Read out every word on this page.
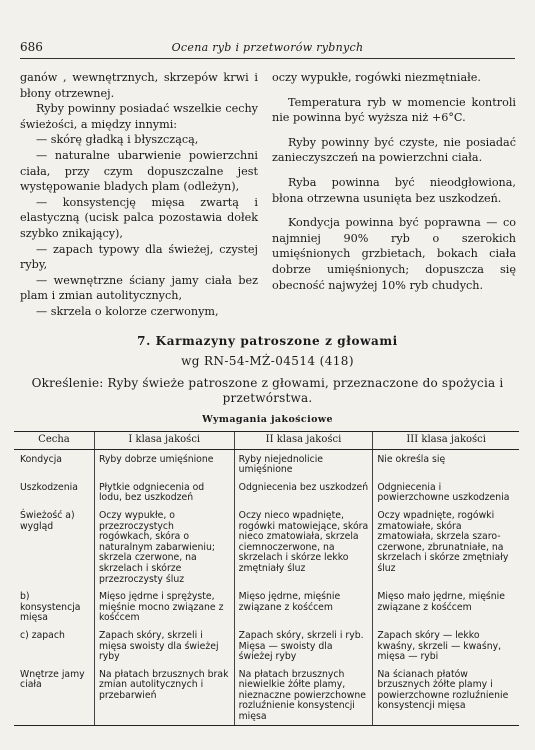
686	Ocena ryb i przetworów rybnych

ganów , wewnętrznych, skrzepów krwi i błony otrzewnej.

Ryby powinny posiadać wszelkie cechy świeżości, a między innymi:

— skórę gładką i błyszczącą,

— naturalne ubarwienie powierzchni ciała, przy czym dopuszczalne jest występowanie bladych plam (odleżyn),

— konsystencję mięsa zwartą i elastyczną (ucisk palca pozostawia dołek szybko znikający),

— zapach typowy dla świeżej, czystej ryby,

— wewnętrzne ściany jamy ciała bez plam i zmian autolitycznych,

— skrzela o kolorze czerwonym,

oczy wypukłe, rogówki niezmętniałe.

Temperatura ryb w momencie kontroli nie powinna być wyższa niż +6°C.

Ryby powinny być czyste, nie posiadać zanieczyszczeń na powierzchni ciała.

Ryba powinna być nieodgłowiona, błona otrzewna usunięta bez uszkodzeń.

Kondycja powinna być poprawna — co najmniej 90% ryb o szerokich umięśnionych grzbietach, bokach ciała dobrze umięśnionych; dopuszcza się obecność najwyżej 10% ryb chudych.

7. Karmazyny patroszone z głowami
wg RN-54-MŻ-04514 (418)
Określenie: Ryby świeże patroszone z głowami, przeznaczone do spożycia i przetwórstwa.
Wymagania jakościowe
Cecha	I klasa jakości	II klasa jakości	III klasa jakości
Kondycja	Ryby dobrze umięśnione	Ryby niejednolicie umięśnione	Nie określa się
Uszkodzenia	Płytkie odgniecenia od lodu, bez uszkodzeń	Odgniecenia bez uszkodzeń	Odgniecenia i powierzchowne uszkodzenia
Świeżość a) wygląd	Oczy wypukłe, o przezroczystych rogówkach, skóra o naturalnym zabarwieniu; skrzela czerwone, na skrzelach i skórze przezroczysty śluz	Oczy nieco wpadnięte, rogówki matowiejące, skóra nieco zmatowiała, skrzela ciemnoczerwone, na skrzelach i skórze lekko zmętniały śluz	Oczy wpadnięte, rogówki zmatowiałe, skóra zmatowiała, skrzela szaro-czerwone, zbrunatniałe, na skrzelach i skórze zmętniały śluz
b) konsystencja mięsa	Mięso jędrne i sprężyste, mięśnie mocno związane z kośćcem	Mięso jędrne, mięśnie związane z kośćcem	Mięso mało jędrne, mięśnie związane z kośćcem
c) zapach	Zapach skóry, skrzeli i mięsa swoisty dla świeżej ryby	Zapach skóry, skrzeli i ryb. Mięsa — swoisty dla świeżej ryby	Zapach skóry — lekko kwaśny, skrzeli — kwaśny, mięsa — rybi
Wnętrze jamy ciała	Na płatach brzusznych brak zmian autolitycznych i przebarwień	Na płatach brzusznych niewielkie żółte plamy, nieznaczne powierzchowne rozluźnienie konsystencji mięsa	Na ścianach płatów brzusznych żółte plamy i powierzchowne rozluźnienie konsystencji mięsa
